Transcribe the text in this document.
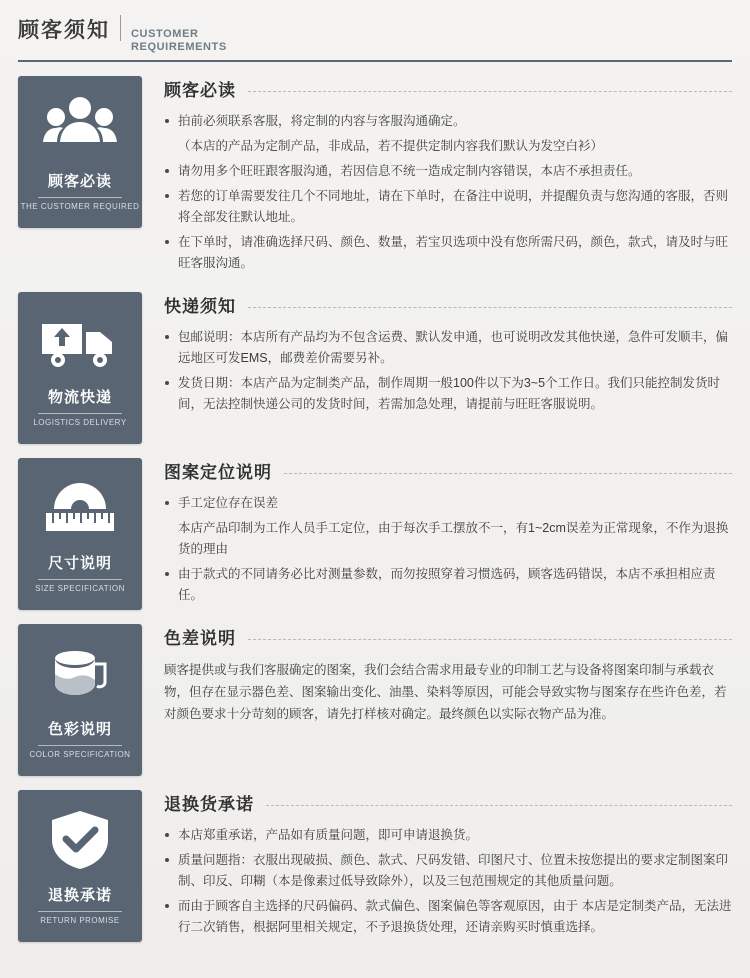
顾客须知 CUSTOMER
REQUIREMENTS
顾客必读
THE CUSTOMER REQUIRED
顾客必读
拍前必须联系客服，将定制的内容与客服沟通确定。
（本店的产品为定制产品，非成品，若不提供定制内容我们默认为发空白衫）
请勿用多个旺旺跟客服沟通，若因信息不统一造成定制内容错误，本店不承担责任。
若您的订单需要发往几个不同地址，请在下单时，在备注中说明，并提醒负责与您沟通的客服，否则将全部发往默认地址。
在下单时，请准确选择尺码、颜色、数量，若宝贝选项中没有您所需尺码，颜色，款式，请及时与旺旺客服沟通。
物流快递
LOGISTICS DELIVERY
快递须知
包邮说明：本店所有产品均为不包含运费、默认发申通，也可说明改发其他快递，急件可发顺丰，偏远地区可发EMS，邮费差价需要另补。
发货日期：本店产品为定制类产品，制作周期一般100件以下为3~5个工作日。我们只能控制发货时间，无法控制快递公司的发货时间，若需加急处理，请提前与旺旺客服说明。
尺寸说明
SIZE SPECIFICATION
图案定位说明
手工定位存在误差
本店产品印制为工作人员手工定位，由于每次手工摆放不一，有1~2cm误差为正常现象，不作为退换货的理由
由于款式的不同请务必比对测量参数，而勿按照穿着习惯选码，顾客选码错误，本店不承担相应责任。
色彩说明
COLOR SPECIFICATION
色差说明
顾客提供或与我们客服确定的图案，我们会结合需求用最专业的印制工艺与设备将图案印制与承载衣物，但存在显示器色差、图案输出变化、油墨、染料等原因，可能会导致实物与图案存在些许色差，若对颜色要求十分苛刻的顾客，请先打样核对确定。最终颜色以实际衣物产品为准。
退换承诺
RETURN PROMISE
退换货承诺
本店郑重承诺，产品如有质量问题，即可申请退换货。
质量问题指：衣服出现破损、颜色、款式、尺码发错、印图尺寸、位置未按您提出的要求定制图案印制、印反、印糊（本是像素过低导致除外），以及三包范围规定的其他质量问题。
而由于顾客自主选择的尺码偏码、款式偏色、图案偏色等客观原因，由于 本店是定制类产品，无法进行二次销售，根据阿里相关规定，不予退换货处理，还请亲购买时慎重选择。
